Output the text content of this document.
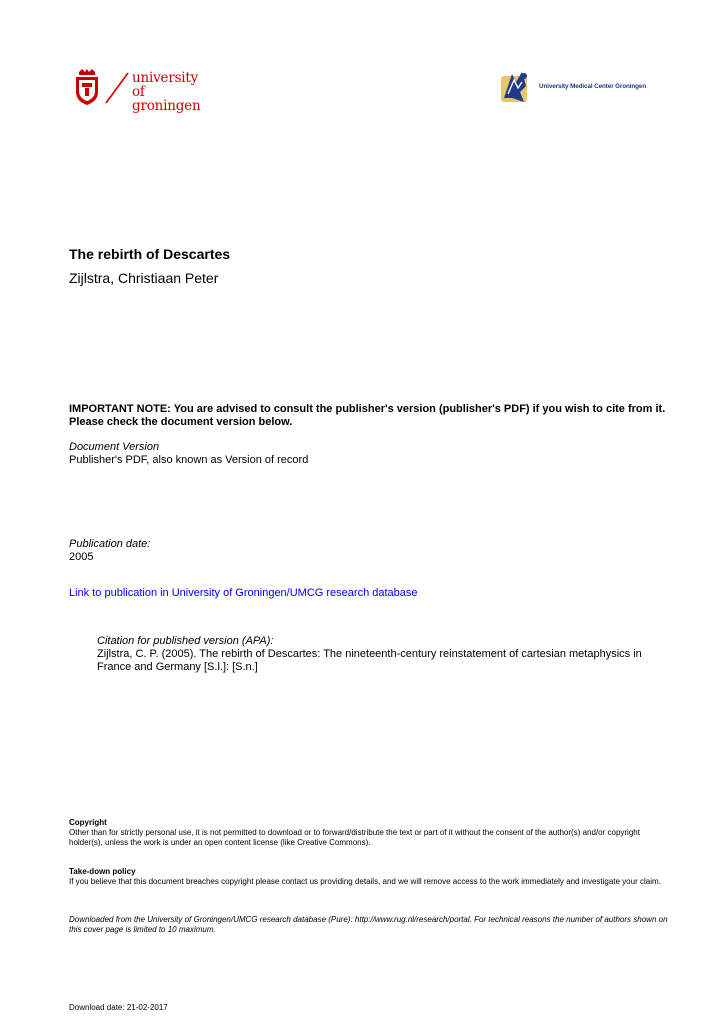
university of
groningen
University Medical Center Groningen
The rebirth of Descartes
Zijlstra, Christiaan Peter
IMPORTANT NOTE: You are advised to consult the publisher's version (publisher's PDF) if you wish to cite from it. Please check the document version below.
Document Version
Publisher's PDF, also known as Version of record
Publication date:
2005
Link to publication in University of Groningen/UMCG research database
Citation for published version (APA):
Zijlstra, C. P. (2005). The rebirth of Descartes: The nineteenth-century reinstatement of cartesian metaphysics in France and Germany [S.l.]: [S.n.]
Copyright
Other than for strictly personal use, it is not permitted to download or to forward/distribute the text or part of it without the consent of the author(s) and/or copyright holder(s), unless the work is under an open content license (like Creative Commons).
Take-down policy
If you believe that this document breaches copyright please contact us providing details, and we will remove access to the work immediately and investigate your claim.
Downloaded from the University of Groningen/UMCG research database (Pure): http://www.rug.nl/research/portal. For technical reasons the number of authors shown on this cover page is limited to 10 maximum.
Download date: 21-02-2017
